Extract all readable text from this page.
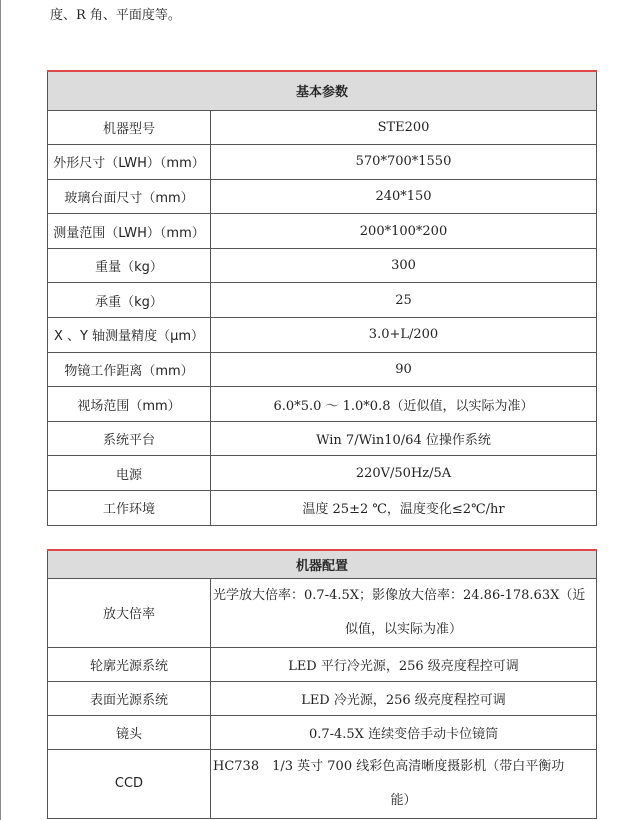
度、R 角、平面度等。
基本参数	
机器型号	STE200
外形尺寸（LWH）（mm）	570*700*1550
玻璃台面尺寸（mm）	240*150
测量范围（LWH）（mm）	200*100*200
重量（kg）	300
承重（kg）	25
X 、Y 轴测量精度（μm）	3.0+L/200
物镜工作距离（mm）	90
视场范围（mm）	6.0*5.0 ～ 1.0*0.8（近似值，以实际为准）
系统平台	Win 7/Win10/64 位操作系统
电源	220V/50Hz/5A
工作环境	温度 25±2 ℃，温度变化≤2℃/hr
机器配置	
放大倍率	光学放大倍率：0.7-4.5X；影像放大倍率：24.86-178.63X（近
似值，以实际为准）

轮廓光源系统	LED 平行冷光源，256 级亮度程控可调
表面光源系统	LED 冷光源，256 级亮度程控可调
镜头	0.7-4.5X 连续变倍手动卡位镜筒
CCD	HC738　1/3 英寸 700 线彩色高清晰度摄影机（带白平衡功
能）
